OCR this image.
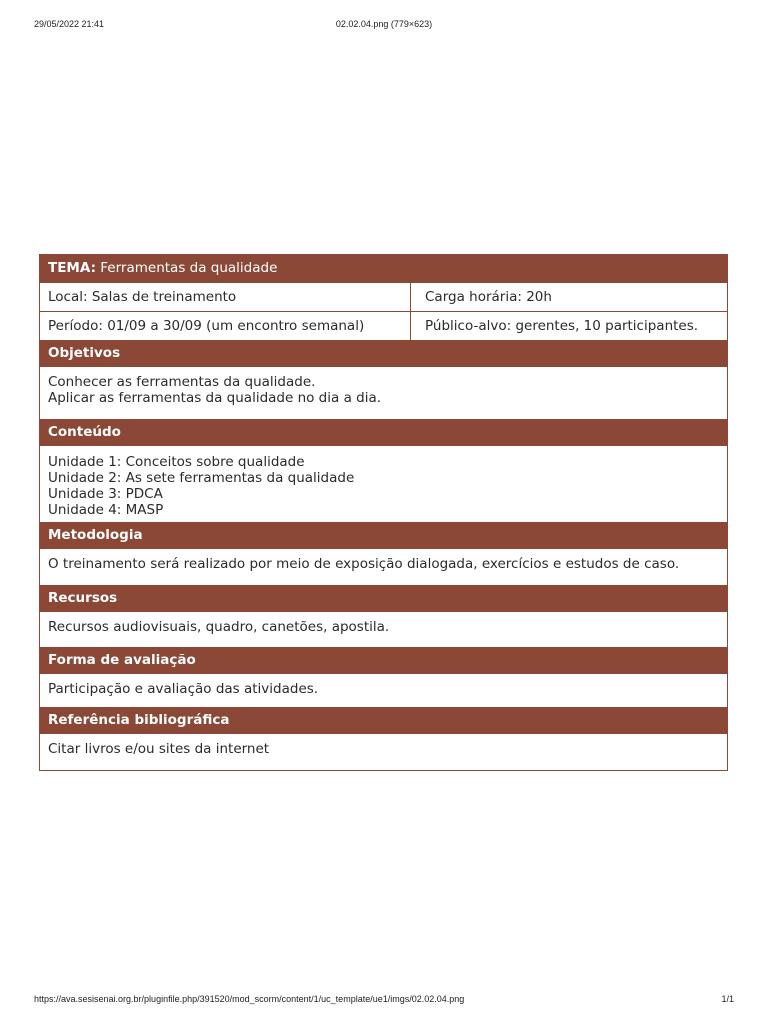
29/05/2022 21:41	02.02.04.png (779×623)
TEMA: Ferramentas da qualidade
Local: Salas de treinamento	Carga horária: 20h
Período: 01/09 a 30/09 (um encontro semanal)	Público-alvo: gerentes, 10 participantes.
Objetivos
Conhecer as ferramentas da qualidade.
Aplicar as ferramentas da qualidade no dia a dia.
Conteúdo
Unidade 1: Conceitos sobre qualidade
Unidade 2: As sete ferramentas da qualidade
Unidade 3: PDCA
Unidade 4: MASP
Metodologia
O treinamento será realizado por meio de exposição dialogada, exercícios e estudos de caso.
Recursos
Recursos audiovisuais, quadro, canetões, apostila.
Forma de avaliação
Participação e avaliação das atividades.
Referência bibliográfica
Citar livros e/ou sites da internet
https://ava.sesisenai.org.br/pluginfile.php/391520/mod_scorm/content/1/uc_template/ue1/imgs/02.02.04.png	1/1
